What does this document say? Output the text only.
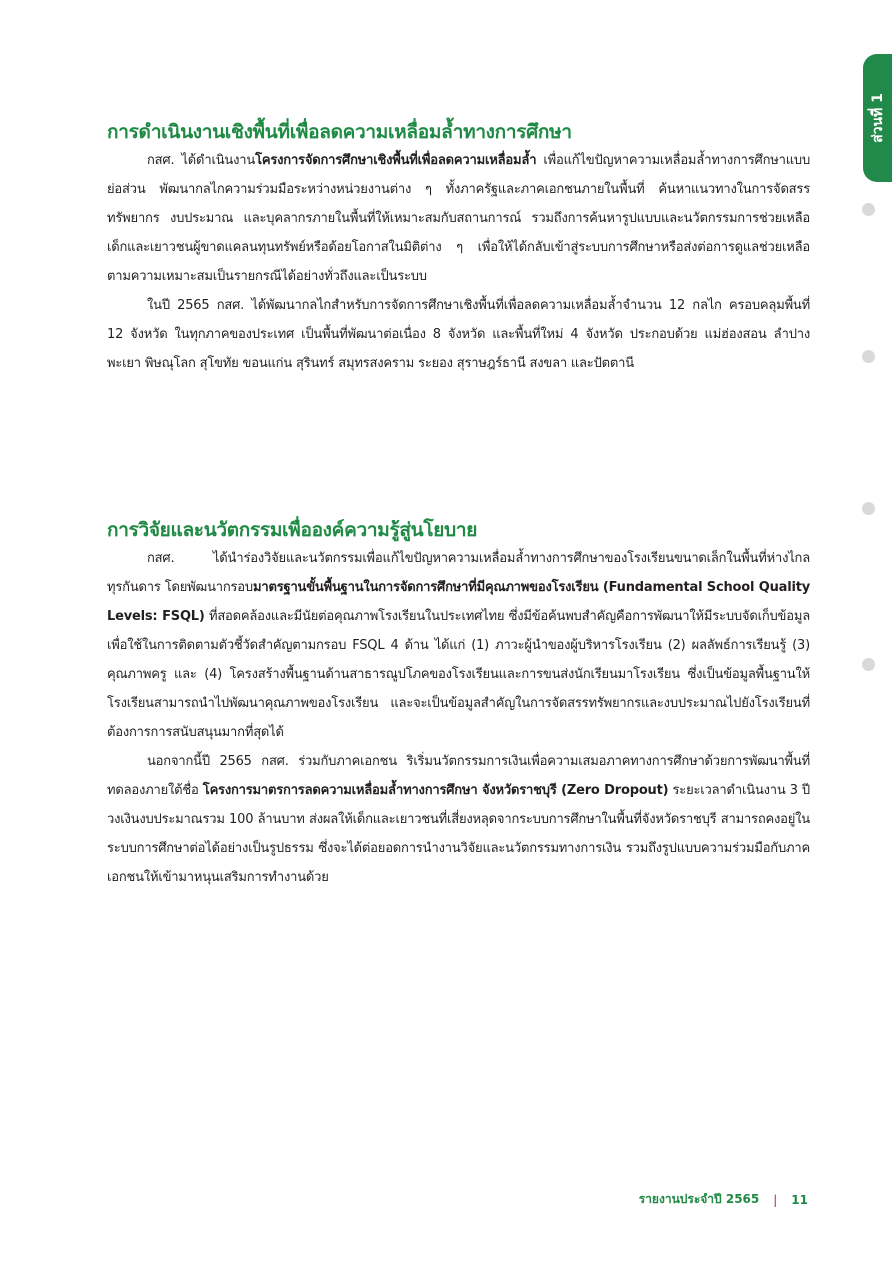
ส่วนที่ 1
การดำเนินงานเชิงพื้นที่เพื่อลดความเหลื่อมล้ำทางการศึกษา

กสศ. ได้ดำเนินงานโครงการจัดการศึกษาเชิงพื้นที่เพื่อลดความเหลื่อมล้ำ เพื่อแก้ไขปัญหาความเหลื่อมล้ำทางการศึกษาแบบย่อส่วน พัฒนากลไกความร่วมมือระหว่างหน่วยงานต่าง ๆ ทั้งภาครัฐและภาคเอกชนภายในพื้นที่ ค้นหาแนวทางในการจัดสรรทรัพยากร งบประมาณ และบุคลากรภายในพื้นที่ให้เหมาะสมกับสถานการณ์ รวมถึงการค้นหารูปแบบและนวัตกรรมการช่วยเหลือเด็กและเยาวชนผู้ขาดแคลนทุนทรัพย์หรือด้อยโอกาสในมิติต่าง ๆ เพื่อให้ได้กลับเข้าสู่ระบบการศึกษาหรือส่งต่อการดูแลช่วยเหลือตามความเหมาะสมเป็นรายกรณีได้อย่างทั่วถึงและเป็นระบบ

ในปี 2565 กสศ. ได้พัฒนากลไกสำหรับการจัดการศึกษาเชิงพื้นที่เพื่อลดความเหลื่อมล้ำจำนวน 12 กลไก ครอบคลุมพื้นที่ 12 จังหวัด ในทุกภาคของประเทศ เป็นพื้นที่พัฒนาต่อเนื่อง 8 จังหวัด และพื้นที่ใหม่ 4 จังหวัด ประกอบด้วย แม่ฮ่องสอน ลำปาง พะเยา พิษณุโลก สุโขทัย ขอนแก่น สุรินทร์ สมุทรสงคราม ระยอง สุราษฎร์ธานี สงขลา และปัตตานี

การวิจัยและนวัตกรรมเพื่อองค์ความรู้สู่นโยบาย

กสศ. ได้นำร่องวิจัยและนวัตกรรมเพื่อแก้ไขปัญหาความเหลื่อมล้ำทางการศึกษาของโรงเรียนขนาดเล็กในพื้นที่ห่างไกลทุรกันดาร โดยพัฒนากรอบมาตรฐานขั้นพื้นฐานในการจัดการศึกษาที่มีคุณภาพของโรงเรียน (Fundamental School Quality Levels: FSQL) ที่สอดคล้องและมีนัยต่อคุณภาพโรงเรียนในประเทศไทย ซึ่งมีข้อค้นพบสำคัญคือการพัฒนาให้มีระบบจัดเก็บข้อมูลเพื่อใช้ในการติดตามตัวชี้วัดสำคัญตามกรอบ FSQL 4 ด้าน ได้แก่ (1) ภาวะผู้นำของผู้บริหารโรงเรียน (2) ผลลัพธ์การเรียนรู้ (3) คุณภาพครู และ (4) โครงสร้างพื้นฐานด้านสาธารณูปโภคของโรงเรียนและการขนส่งนักเรียนมาโรงเรียน ซึ่งเป็นข้อมูลพื้นฐานให้โรงเรียนสามารถนำไปพัฒนาคุณภาพของโรงเรียน และจะเป็นข้อมูลสำคัญในการจัดสรรทรัพยากรและงบประมาณไปยังโรงเรียนที่ต้องการการสนับสนุนมากที่สุดได้

นอกจากนี้ปี 2565 กสศ. ร่วมกับภาคเอกชน ริเริ่มนวัตกรรมการเงินเพื่อความเสมอภาคทางการศึกษาด้วยการพัฒนาพื้นที่ทดลองภายใต้ชื่อ โครงการมาตรการลดความเหลื่อมล้ำทางการศึกษา จังหวัดราชบุรี (Zero Dropout) ระยะเวลาดำเนินงาน 3 ปี วงเงินงบประมาณรวม 100 ล้านบาท ส่งผลให้เด็กและเยาวชนที่เสี่ยงหลุดจากระบบการศึกษาในพื้นที่จังหวัดราชบุรี สามารถคงอยู่ในระบบการศึกษาต่อได้อย่างเป็นรูปธรรม ซึ่งจะได้ต่อยอดการนำงานวิจัยและนวัตกรรมทางการเงิน รวมถึงรูปแบบความร่วมมือกับภาคเอกชนให้เข้ามาหนุนเสริมการทำงานด้วย

รายงานประจำปี 2565 | 11
